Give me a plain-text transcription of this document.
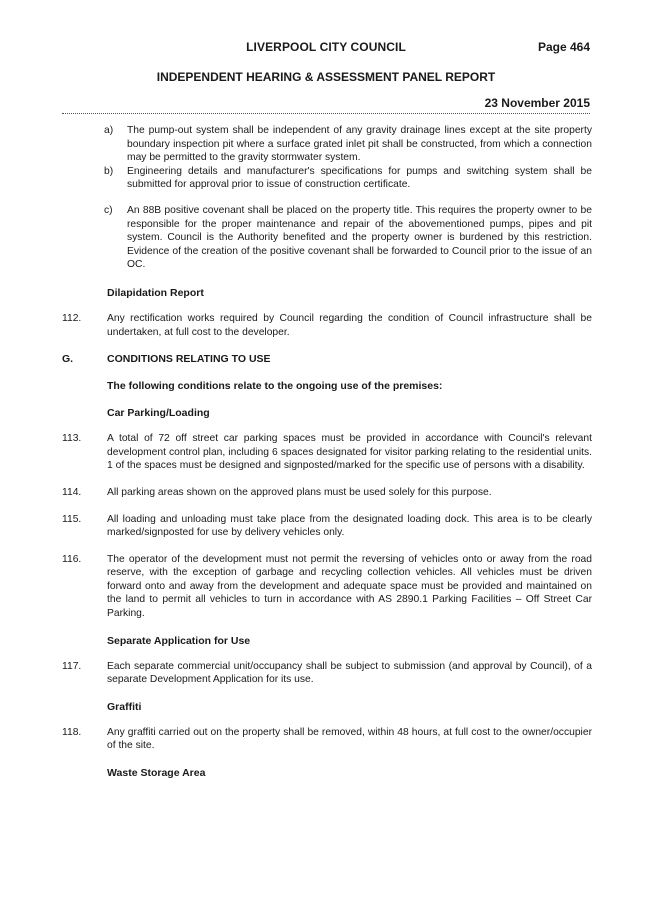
LIVERPOOL CITY COUNCIL	Page 464
INDEPENDENT HEARING & ASSESSMENT PANEL REPORT
23 November 2015
a) The pump-out system shall be independent of any gravity drainage lines except at the site property boundary inspection pit where a surface grated inlet pit shall be constructed, from which a connection may be permitted to the gravity stormwater system.
b) Engineering details and manufacturer's specifications for pumps and switching system shall be submitted for approval prior to issue of construction certificate.
c) An 88B positive covenant shall be placed on the property title. This requires the property owner to be responsible for the proper maintenance and repair of the abovementioned pumps, pipes and pit system. Council is the Authority benefited and the property owner is burdened by this restriction. Evidence of the creation of the positive covenant shall be forwarded to Council prior to the issue of an OC.
Dilapidation Report
112. Any rectification works required by Council regarding the condition of Council infrastructure shall be undertaken, at full cost to the developer.
G.	CONDITIONS RELATING TO USE
The following conditions relate to the ongoing use of the premises:
Car Parking/Loading
113. A total of 72 off street car parking spaces must be provided in accordance with Council's relevant development control plan, including 6 spaces designated for visitor parking relating to the residential units. 1 of the spaces must be designed and signposted/marked for the specific use of persons with a disability.
114. All parking areas shown on the approved plans must be used solely for this purpose.
115. All loading and unloading must take place from the designated loading dock. This area is to be clearly marked/signposted for use by delivery vehicles only.
116. The operator of the development must not permit the reversing of vehicles onto or away from the road reserve, with the exception of garbage and recycling collection vehicles. All vehicles must be driven forward onto and away from the development and adequate space must be provided and maintained on the land to permit all vehicles to turn in accordance with AS 2890.1 Parking Facilities – Off Street Car Parking.
Separate Application for Use
117. Each separate commercial unit/occupancy shall be subject to submission (and approval by Council), of a separate Development Application for its use.
Graffiti
118. Any graffiti carried out on the property shall be removed, within 48 hours, at full cost to the owner/occupier of the site.
Waste Storage Area
